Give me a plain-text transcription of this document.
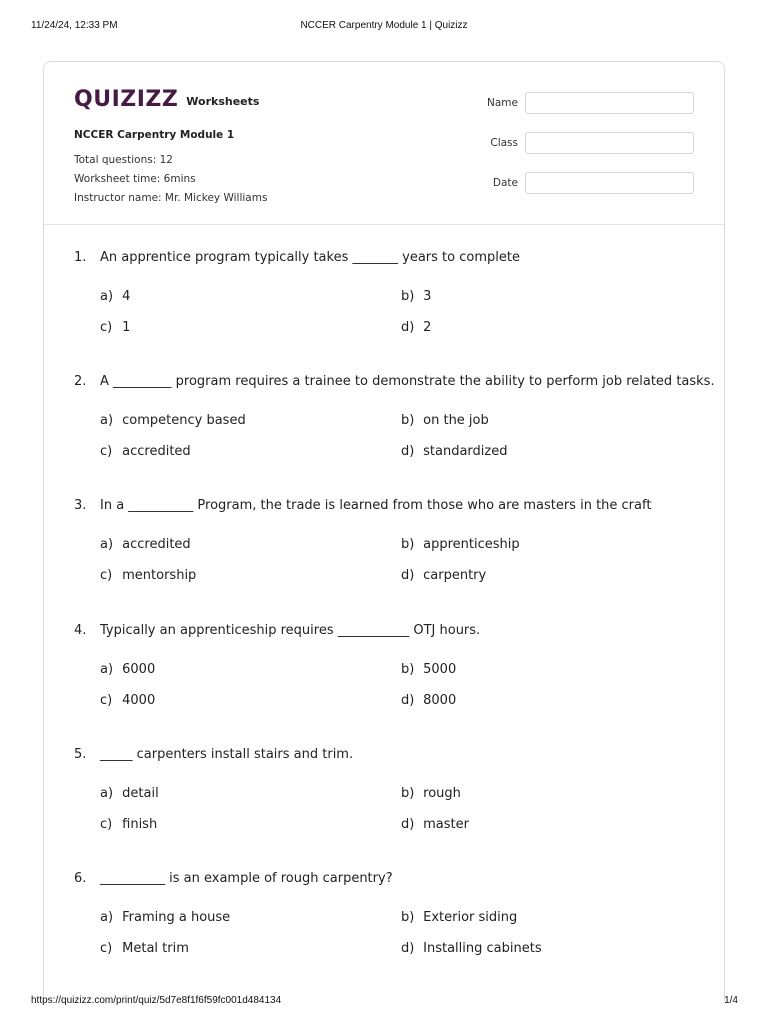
11/24/24, 12:33 PM	NCCER Carpentry Module 1 | Quizizz
QUIZIZZ Worksheets
NCCER Carpentry Module 1
Total questions: 12
Worksheet time: 6mins
Instructor name: Mr. Mickey Williams
Name
Class
Date
1. An apprentice program typically takes _______ years to complete
a) 4	b) 3
c) 1	d) 2
2. A _________ program requires a trainee to demonstrate the ability to perform job related tasks.
a) competency based	b) on the job
c) accredited	d) standardized
3. In a __________ Program, the trade is learned from those who are masters in the craft
a) accredited	b) apprenticeship
c) mentorship	d) carpentry
4. Typically an apprenticeship requires ___________ OTJ hours.
a) 6000	b) 5000
c) 4000	d) 8000
5. _____ carpenters install stairs and trim.
a) detail	b) rough
c) finish	d) master
6. __________ is an example of rough carpentry?
a) Framing a house	b) Exterior siding
c) Metal trim	d) Installing cabinets
https://quizizz.com/print/quiz/5d7e8f1f6f59fc001d484134	1/4
